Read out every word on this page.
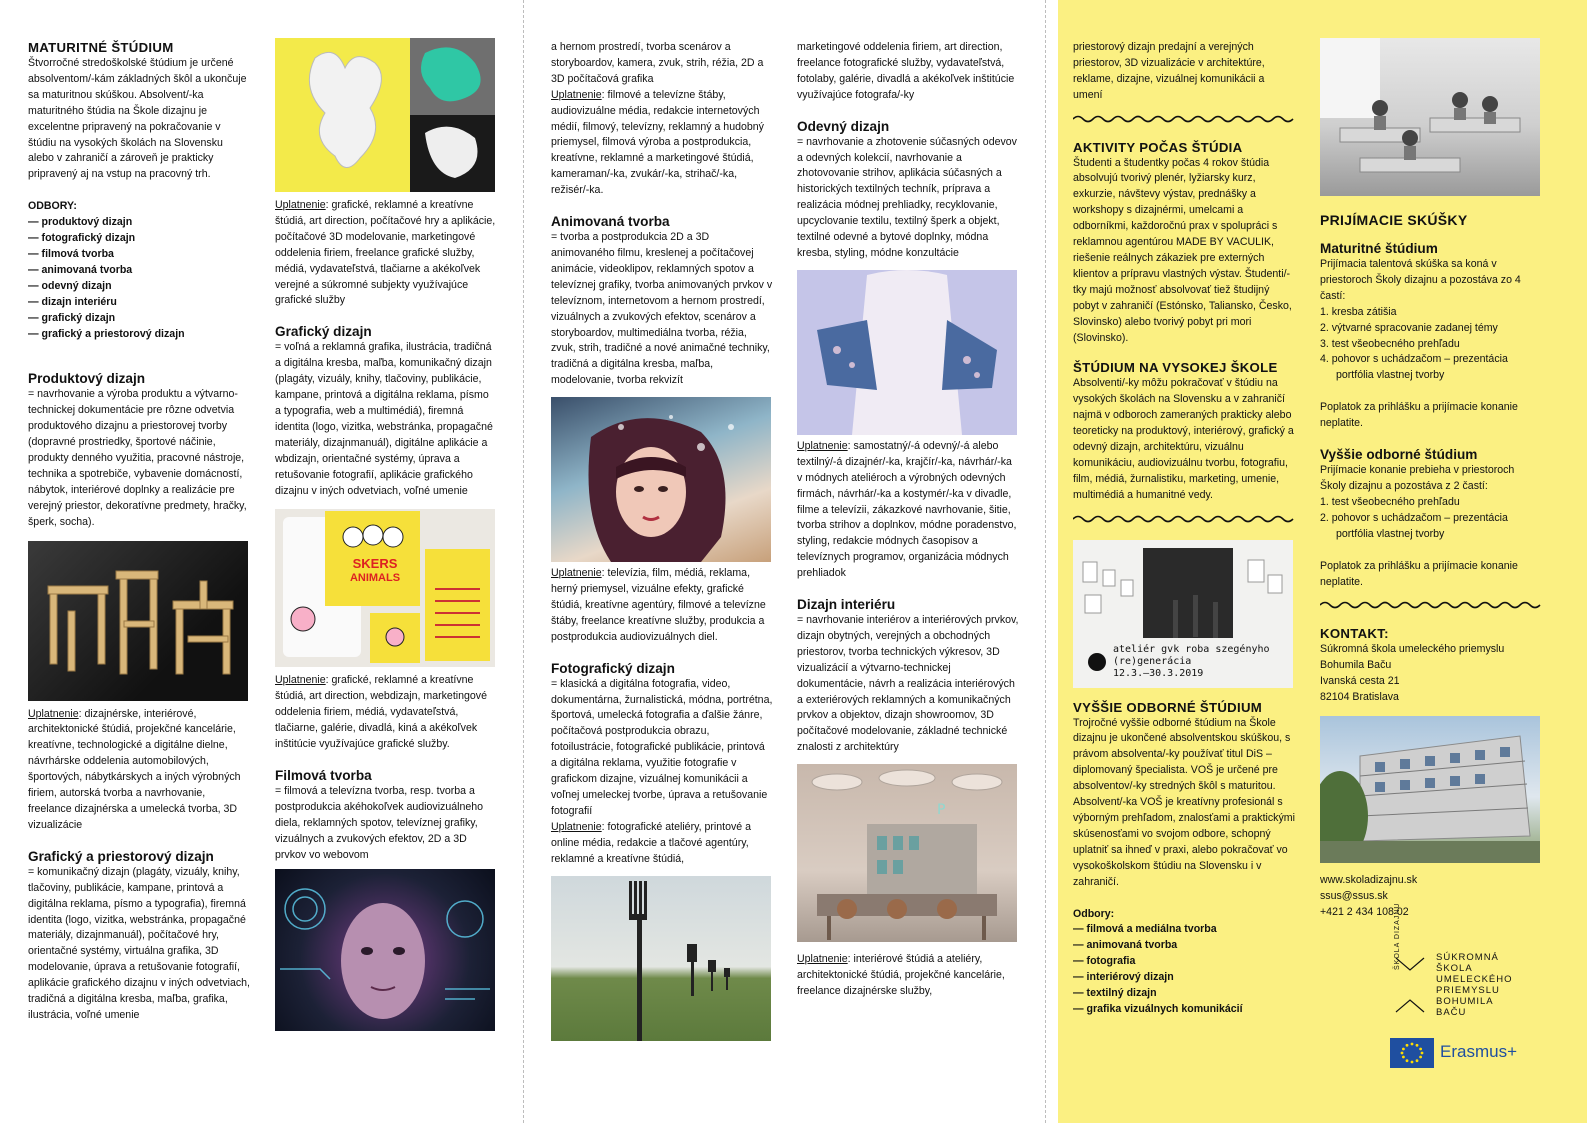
MATURITNÉ ŠTÚDIUM

Štvorročné stredoškolské štúdium je určené absolventom/-kám základných škôl a ukončuje sa maturitnou skúškou. Absolvent/-ka maturitného štúdia na Škole dizajnu je excelentne pripravený na pokračovanie v štúdiu na vysokých školách na Slovensku alebo v zahraničí a zároveň je prakticky pripravený aj na vstup na pracovný trh.

ODBORY:

— produktový dizajn
— fotografický dizajn
— filmová tvorba
— animovaná tvorba
— odevný dizajn
— dizajn interiéru
— grafický dizajn
— grafický a priestorový dizajn

Produktový dizajn

= navrhovanie a výroba produktu a výtvarno-technickej dokumentácie pre rôzne odvetvia produktového dizajnu a priestorovej tvorby (dopravné prostriedky, športové náčinie, produkty denného využitia, pracovné nástroje, technika a spotrebiče, vybavenie domácností, nábytok, interiérové doplnky a realizácie pre verejný priestor, dekoratívne predmety, hračky, šperk, socha).

Uplatnenie: dizajnérske, interiérové, architektonické štúdiá, projekčné kancelárie, kreatívne, technologické a digitálne dielne, návrhárske oddelenia automobilových, športových, nábytkárskych a iných výrobných firiem, autorská tvorba a navrhovanie, freelance dizajnérska a umelecká tvorba, 3D vizualizácie

Grafický a priestorový dizajn

= komunikačný dizajn (plagáty, vizuály, knihy, tlačoviny, publikácie, kampane, printová a digitálna reklama, písmo a typografia), firemná identita (logo, vizitka, webstránka, propagačné materiály, dizajnmanuál), počítačové hry, orientačné systémy, virtuálna grafika, 3D modelovanie, úprava a retušovanie fotografií, aplikácie grafického dizajnu v iných odvetviach, tradičná a digitálna kresba, maľba, grafika, ilustrácia, voľné umenie

Uplatnenie: grafické, reklamné a kreatívne štúdiá, art direction, počítačové hry a aplikácie, počítačové 3D modelovanie, marketingové oddelenia firiem, freelance grafické služby, médiá, vydavateľstvá, tlačiarne a akékoľvek verejné a súkromné subjekty využívajúce grafické služby

Grafický dizajn

= voľná a reklamná grafika, ilustrácia, tradičná a digitálna kresba, maľba, komunikačný dizajn (plagáty, vizuály, knihy, tlačoviny, publikácie, kampane, printová a digitálna reklama, písmo a typografia, web a multimédiá), firemná identita (logo, vizitka, webstránka, propagačné materiály, dizajnmanuál), digitálne aplikácie a wbdizajn, orientačné systémy, úprava a retušovanie fotografií, aplikácie grafického dizajnu v iných odvetviach, voľné umenie

SKERS
ANIMALS

Uplatnenie: grafické, reklamné a kreatívne štúdiá, art direction, webdizajn, marketingové oddelenia firiem, médiá, vydavateľstvá, tlačiarne, galérie, divadlá, kiná a akékoľvek inštitúcie využívajúce grafické služby.

Filmová tvorba

= filmová a televízna tvorba, resp. tvorba a postprodukcia akéhokoľvek audiovizuálneho diela, reklamných spotov, televíznej grafiky, vizuálnych a zvukových efektov, 2D a 3D prvkov vo webovom

a hernom prostredí, tvorba scenárov a storyboardov, kamera, zvuk, strih, réžia, 2D a 3D počítačová grafika

Uplatnenie: filmové a televízne štáby, audiovizuálne média, redakcie internetových médií, filmový, televízny, reklamný a hudobný priemysel, filmová výroba a postprodukcia, kreatívne, reklamné a marketingové štúdiá, kameraman/-ka, zvukár/-ka, strihač/-ka, režisér/-ka.

Animovaná tvorba

= tvorba a postprodukcia 2D a 3D animovaného filmu, kreslenej a počítačovej animácie, videoklipov, reklamných spotov a televíznej grafiky, tvorba animovaných prvkov v televíznom, internetovom a hernom prostredí, vizuálnych a zvukových efektov, scenárov a storyboardov, multimediálna tvorba, réžia, zvuk, strih, tradičné a nové animačné techniky, tradičná a digitálna kresba, maľba, modelovanie, tvorba rekvizít

Uplatnenie: televízia, film, médiá, reklama, herný priemysel, vizuálne efekty, grafické štúdiá, kreatívne agentúry, filmové a televízne štáby, freelance kreatívne služby, produkcia a postprodukcia audiovizuálnych diel.

Fotografický dizajn

= klasická a digitálna fotografia, video, dokumentárna, žurnalistická, módna, portrétna, športová, umelecká fotografia a ďalšie žánre, počítačová postprodukcia obrazu, fotoilustrácie, fotografické publikácie, printová a digitálna reklama, využitie fotografie v grafickom dizajne, vizuálnej komunikácii a voľnej umeleckej tvorbe, úprava a retušovanie fotografií

Uplatnenie: fotografické ateliéry, printové a online média, redakcie a tlačové agentúry, reklamné a kreatívne štúdiá,

marketingové oddelenia firiem, art direction, freelance fotografické služby, vydavateľstvá, fotolaby, galérie, divadlá a akékoľvek inštitúcie využívajúce fotografa/-ky

Odevný dizajn

= navrhovanie a zhotovenie súčasných odevov a odevných kolekcií, navrhovanie a zhotovovanie strihov, aplikácia súčasných a historických textilných techník, príprava a realizácia módnej prehliadky, recyklovanie, upcyclovanie textilu, textilný šperk a objekt, textilné odevné a bytové doplnky, módna kresba, styling, módne konzultácie

Uplatnenie: samostatný/-á odevný/-á alebo textilný/-á dizajnér/-ka, krajčír/-ka, návrhár/-ka v módnych ateliéroch a výrobných odevných firmách, návrhár/-ka a kostymér/-ka v divadle, filme a televízii, zákazkové navrhovanie, šitie, tvorba strihov a doplnkov, módne poradenstvo, styling, redakcie módnych časopisov a televíznych programov, organizácia módnych prehliadok

Dizajn interiéru

= navrhovanie interiérov a interiérových prvkov, dizajn obytných, verejných a obchodných priestorov, tvorba technických výkresov, 3D vizualizácií a výtvarno-technickej dokumentácie, návrh a realizácia interiérových a exteriérových reklamných a komunikačných prvkov a objektov, dizajn showroomov, 3D počítačové modelovanie, základné technické znalosti z architektúry

P

Uplatnenie: interiérové štúdiá a ateliéry, architektonické štúdiá, projekčné kancelárie, freelance dizajnérske služby,

priestorový dizajn predajní a verejných priestorov, 3D vizualizácie v architektúre, reklame, dizajne, vizuálnej komunikácii a umení

AKTIVITY POČAS ŠTÚDIA

Študenti a študentky počas 4 rokov štúdia absolvujú tvorivý plenér, lyžiarsky kurz, exkurzie, návštevy výstav, prednášky a workshopy s dizajnérmi, umelcami a odborníkmi, každoročnú prax v spolupráci s reklamnou agentúrou MADE BY VACULIK, riešenie reálnych zákaziek pre externých klientov a prípravu vlastných výstav. Študenti/-tky majú možnosť absolvovať tiež študijný pobyt v zahraničí (Estónsko, Taliansko, Česko, Slovinsko) alebo tvorivý pobyt pri mori (Slovinsko).

ŠTÚDIUM NA VYSOKEJ ŠKOLE

Absolventi/-ky môžu pokračovať v štúdiu na vysokých školách na Slovensku a v zahraničí najmä v odboroch zameraných prakticky alebo teoreticky na produktový, interiérový, grafický a odevný dizajn, architektúru, vizuálnu komunikáciu, audiovizuálnu tvorbu, fotografiu, film, médiá, žurnalistiku, marketing, umenie, multimédiá a humanitné vedy.

ateliér gvk roba szegényho
(re)generácia
12.3.–30.3.2019

VYŠŠIE ODBORNÉ ŠTÚDIUM

Trojročné vyššie odborné štúdium na Škole dizajnu je ukončené absolventskou skúškou, s právom absolventa/-ky používať titul DiS – diplomovaný špecialista. VOŠ je určené pre absolventov/-ky stredných škôl s maturitou. Absolvent/-ka VOŠ je kreatívny profesionál s výborným prehľadom, znalosťami a praktickými skúsenosťami vo svojom odbore, schopný uplatniť sa ihneď v praxi, alebo pokračovať vo vysokoškolskom štúdiu na Slovensku i v zahraničí.

Odbory:

— filmová a mediálna tvorba
— animovaná tvorba
— fotografia
— interiérový dizajn
— textilný dizajn
— grafika vizuálnych komunikácií

PRIJÍMACIE SKÚŠKY

Maturitné štúdium

Prijímacia talentová skúška sa koná v priestoroch Školy dizajnu a pozostáva zo 4 častí:

1. kresba zátišia
2. výtvarné spracovanie zadanej témy
3. test všeobecného prehľadu
4. pohovor s uchádzačom – prezentácia portfólia vlastnej tvorby

Poplatok za prihlášku a prijímacie konanie neplatite.

Vyššie odborné štúdium

Prijímacie konanie prebieha v priestoroch Školy dizajnu a pozostáva z 2 častí:

1. test všeobecného prehľadu
2. pohovor s uchádzačom – prezentácia portfólia vlastnej tvorby

Poplatok za prihlášku a prijímacie konanie neplatite.

KONTAKT:

Súkromná škola umeleckého priemyslu
Bohumila Baču
Ivanská cesta 21
82104 Bratislava
www.skoladizajnu.sk
ssus@ssus.sk
+421 2 434 108 02
ŠKOLA DIZAJNU	SÚKROMNÁ
ŠKOLA
UMELECKÉHO
PRIEMYSLU
BOHUMILA
BAČU
Erasmus+
